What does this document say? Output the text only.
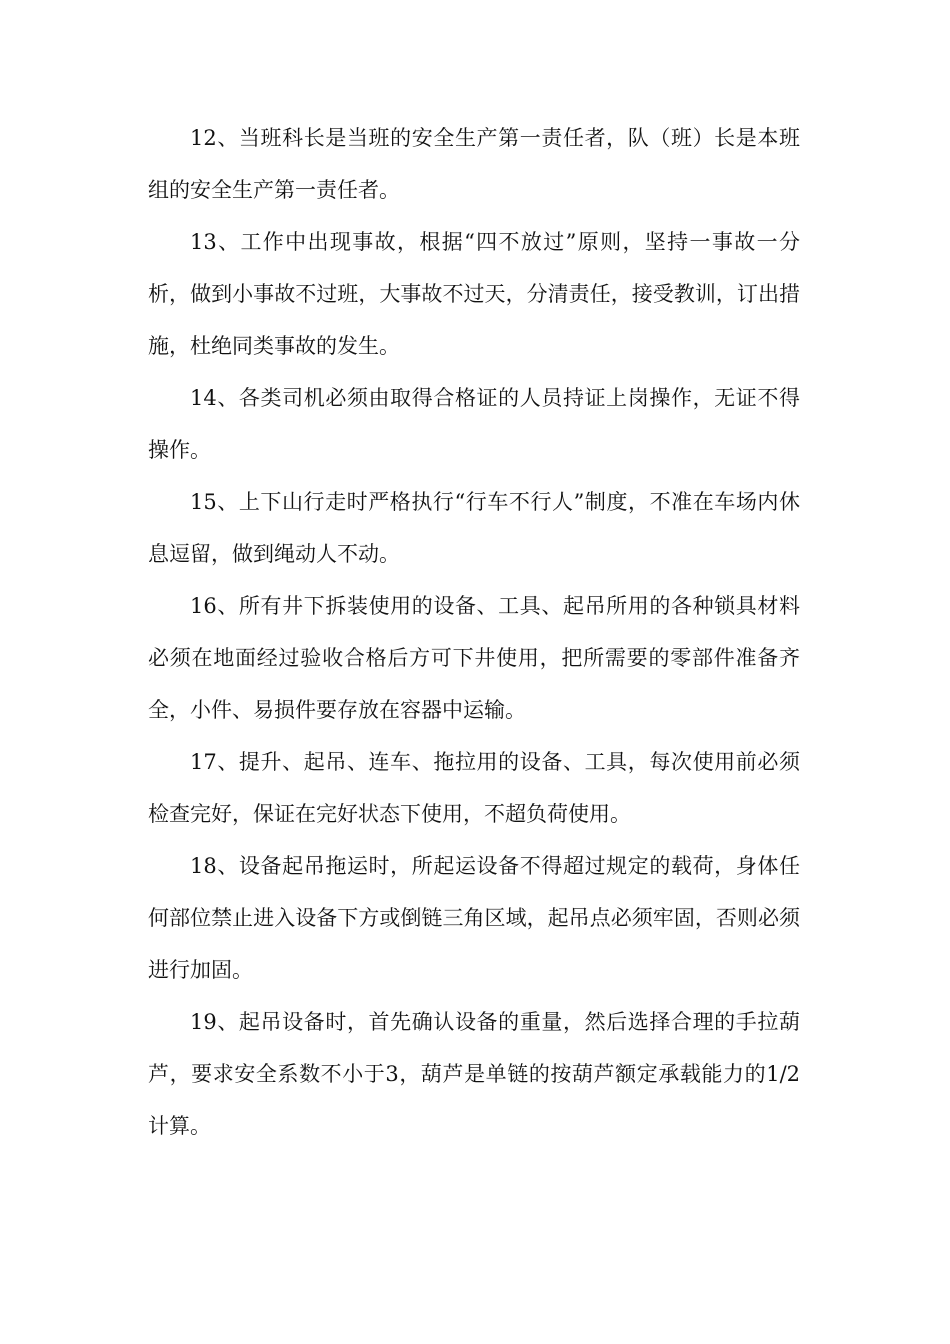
12、当班科长是当班的安全生产第一责任者，队（班）长是本班组的安全生产第一责任者。

13、工作中出现事故，根据“四不放过”原则，坚持一事故一分析，做到小事故不过班，大事故不过天，分清责任，接受教训，订出措施，杜绝同类事故的发生。

14、各类司机必须由取得合格证的人员持证上岗操作，无证不得操作。

15、上下山行走时严格执行“行车不行人”制度，不准在车场内休息逗留，做到绳动人不动。

16、所有井下拆装使用的设备、工具、起吊所用的各种锁具材料必须在地面经过验收合格后方可下井使用，把所需要的零部件准备齐全，小件、易损件要存放在容器中运输。

17、提升、起吊、连车、拖拉用的设备、工具，每次使用前必须检查完好，保证在完好状态下使用，不超负荷使用。

18、设备起吊拖运时，所起运设备不得超过规定的载荷，身体任何部位禁止进入设备下方或倒链三角区域，起吊点必须牢固，否则必须进行加固。

19、起吊设备时，首先确认设备的重量，然后选择合理的手拉葫芦，要求安全系数不小于3，葫芦是单链的按葫芦额定承载能力的1/2计算。
